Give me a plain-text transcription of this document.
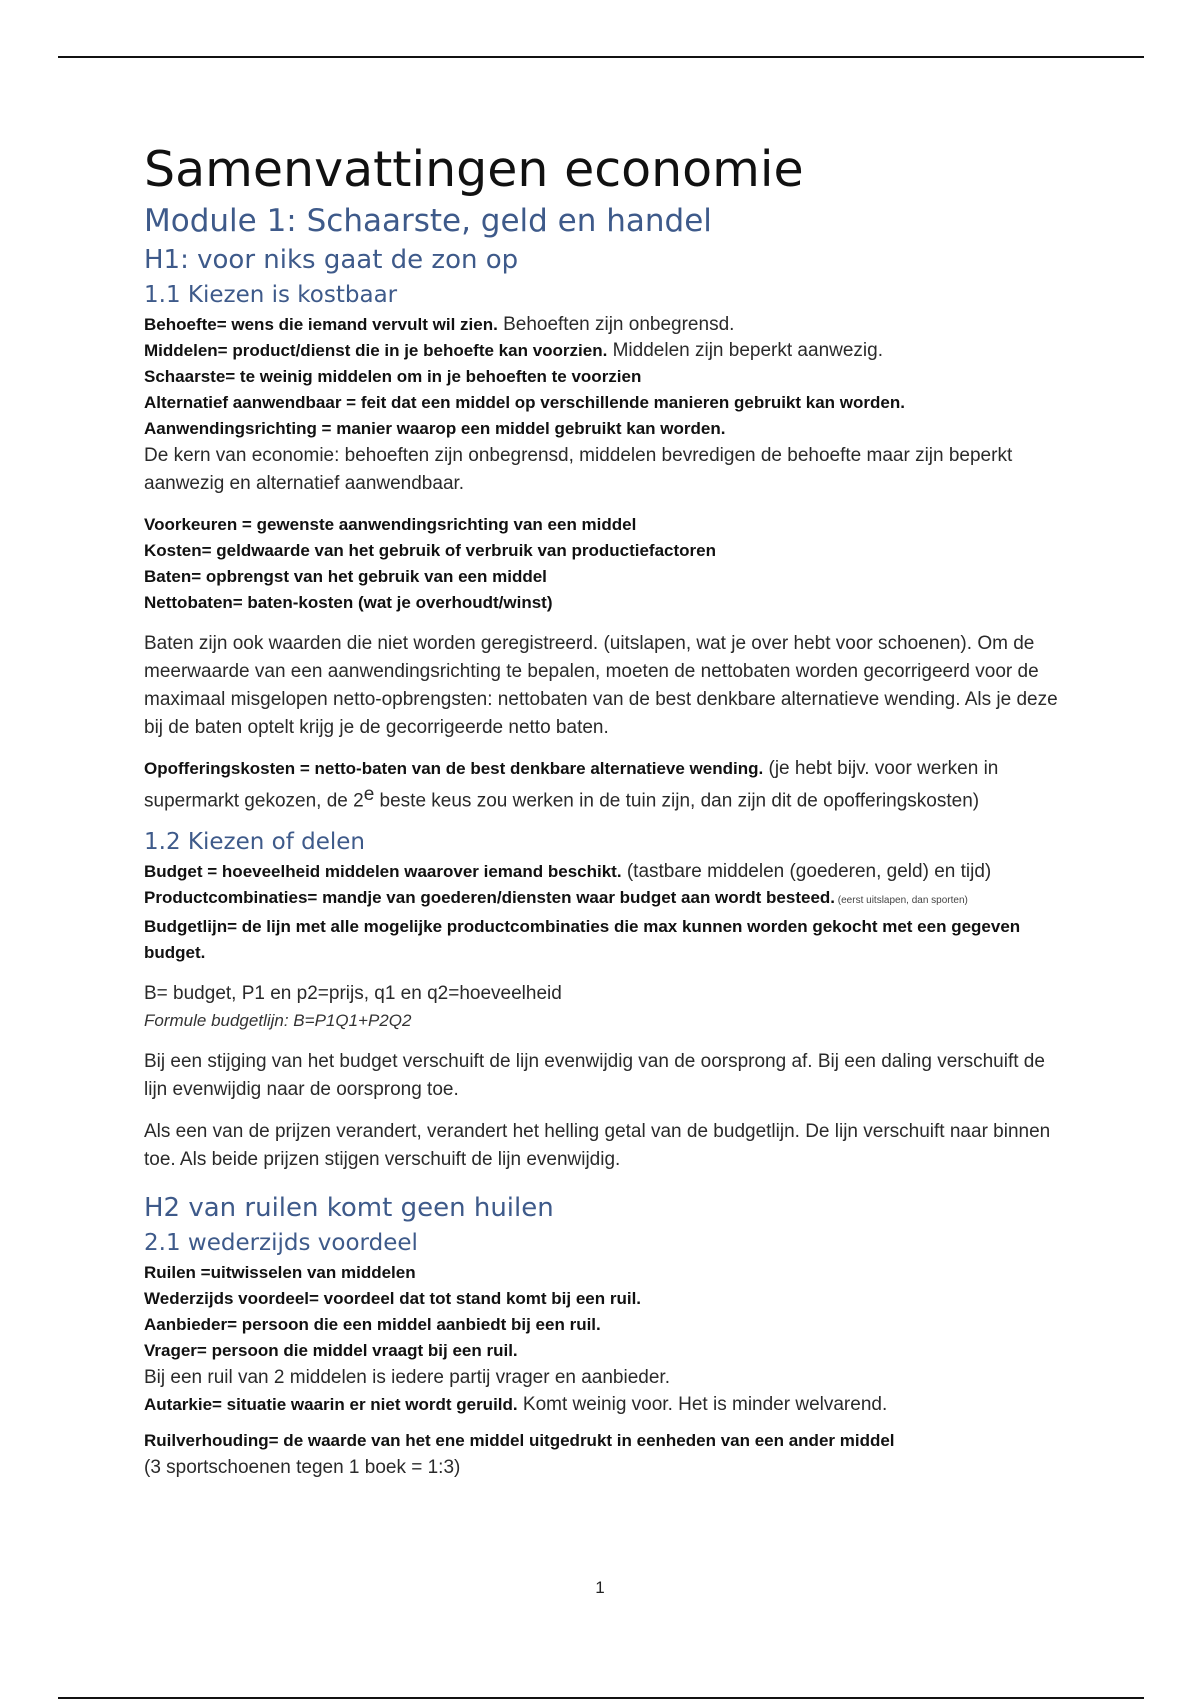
Samenvattingen economie
Module 1: Schaarste, geld en handel
H1: voor niks gaat de zon op
1.1 Kiezen is kostbaar

Behoefte= wens die iemand vervult wil zien. Behoeften zijn onbegrensd.

Middelen= product/dienst die in je behoefte kan voorzien. Middelen zijn beperkt aanwezig.

Schaarste= te weinig middelen om in je behoeften te voorzien

Alternatief aanwendbaar = feit dat een middel op verschillende manieren gebruikt kan worden.

Aanwendingsrichting = manier waarop een middel gebruikt kan worden.

De kern van economie: behoeften zijn onbegrensd, middelen bevredigen de behoefte maar zijn beperkt aanwezig en alternatief aanwendbaar.

Voorkeuren = gewenste aanwendingsrichting van een middel

Kosten= geldwaarde van het gebruik of verbruik van productiefactoren

Baten= opbrengst van het gebruik van een middel

Nettobaten= baten-kosten (wat je overhoudt/winst)

Baten zijn ook waarden die niet worden geregistreerd. (uitslapen, wat je over hebt voor schoenen). Om de meerwaarde van een aanwendingsrichting te bepalen, moeten de nettobaten worden gecorrigeerd voor de maximaal misgelopen netto-opbrengsten: nettobaten van de best denkbare alternatieve wending. Als je deze bij de baten optelt krijg je de gecorrigeerde netto baten.

Opofferingskosten = netto-baten van de best denkbare alternatieve wending. (je hebt bijv. voor werken in supermarkt gekozen, de 2e beste keus zou werken in de tuin zijn, dan zijn dit de opofferingskosten)

1.2 Kiezen of delen

Budget = hoeveelheid middelen waarover iemand beschikt. (tastbare middelen (goederen, geld) en tijd)

Productcombinaties= mandje van goederen/diensten waar budget aan wordt besteed. (eerst uitslapen, dan sporten)

Budgetlijn= de lijn met alle mogelijke productcombinaties die max kunnen worden gekocht met een gegeven budget.

B= budget, P1 en p2=prijs, q1 en q2=hoeveelheid

Formule budgetlijn: B=P1Q1+P2Q2

Bij een stijging van het budget verschuift de lijn evenwijdig van de oorsprong af. Bij een daling verschuift de lijn evenwijdig naar de oorsprong toe.

Als een van de prijzen verandert, verandert het helling getal van de budgetlijn. De lijn verschuift naar binnen toe. Als beide prijzen stijgen verschuift de lijn evenwijdig.

H2 van ruilen komt geen huilen
2.1 wederzijds voordeel

Ruilen =uitwisselen van middelen

Wederzijds voordeel= voordeel dat tot stand komt bij een ruil.

Aanbieder= persoon die een middel aanbiedt bij een ruil.

Vrager= persoon die middel vraagt bij een ruil.

Bij een ruil van 2 middelen is iedere partij vrager en aanbieder.

Autarkie= situatie waarin er niet wordt geruild. Komt weinig voor. Het is minder welvarend.

Ruilverhouding= de waarde van het ene middel uitgedrukt in eenheden van een ander middel

(3 sportschoenen tegen 1 boek = 1:3)

1
